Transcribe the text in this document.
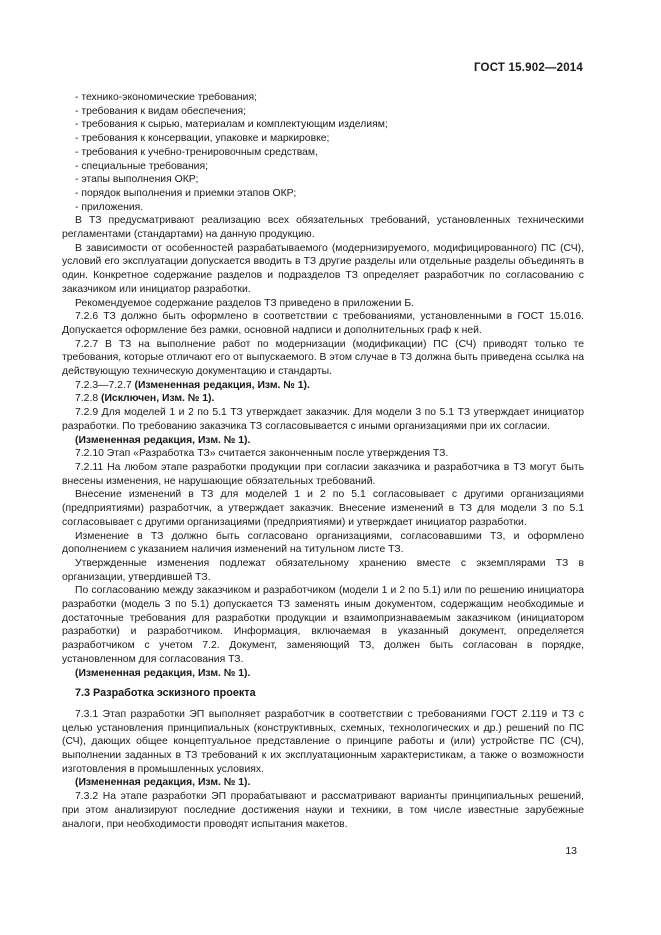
ГОСТ 15.902—2014
- технико-экономические требования;
- требования к видам обеспечения;
- требования к сырью, материалам и комплектующим изделиям;
- требования к консервации, упаковке и маркировке;
- требования к учебно-тренировочным средствам,
- специальные требования;
- этапы выполнения ОКР;
- порядок выполнения и приемки этапов ОКР;
- приложения.

В ТЗ предусматривают реализацию всех обязательных требований, установленных техническими регламентами (стандартами) на данную продукцию.

В зависимости от особенностей разрабатываемого (модернизируемого, модифицированного) ПС (СЧ), условий его эксплуатации допускается вводить в ТЗ другие разделы или отдельные разделы объединять в один. Конкретное содержание разделов и подразделов ТЗ определяет разработчик по согласованию с заказчиком или инициатор разработки.

Рекомендуемое содержание разделов ТЗ приведено в приложении Б.

7.2.6 ТЗ должно быть оформлено в соответствии с требованиями, установленными в ГОСТ 15.016. Допускается оформление без рамки, основной надписи и дополнительных граф к ней.

7.2.7 В ТЗ на выполнение работ по модернизации (модификации) ПС (СЧ) приводят только те требования, которые отличают его от выпускаемого. В этом случае в ТЗ должна быть приведена ссылка на действующую техническую документацию и стандарты.

7.2.3—7.2.7 (Измененная редакция, Изм. № 1).

7.2.8 (Исключен, Изм. № 1).

7.2.9 Для моделей 1 и 2 по 5.1 ТЗ утверждает заказчик. Для модели 3 по 5.1 ТЗ утверждает инициатор разработки. По требованию заказчика ТЗ согласовывается с иными организациями при их согласии.

(Измененная редакция, Изм. № 1).

7.2.10 Этап «Разработка ТЗ» считается законченным после утверждения ТЗ.

7.2.11 На любом этапе разработки продукции при согласии заказчика и разработчика в ТЗ могут быть внесены изменения, не нарушающие обязательных требований.

Внесение изменений в ТЗ для моделей 1 и 2 по 5.1 согласовывает с другими организациями (предприятиями) разработчик, а утверждает заказчик. Внесение изменений в ТЗ для модели 3 по 5.1 согласовывает с другими организациями (предприятиями) и утверждает инициатор разработки.

Изменение в ТЗ должно быть согласовано организациями, согласовавшими ТЗ, и оформлено дополнением с указанием наличия изменений на титульном листе ТЗ.

Утвержденные изменения подлежат обязательному хранению вместе с экземплярами ТЗ в организации, утвердившей ТЗ.

По согласованию между заказчиком и разработчиком (модели 1 и 2 по 5.1) или по решению инициатора разработки (модель 3 по 5.1) допускается ТЗ заменять иным документом, содержащим необходимые и достаточные требования для разработки продукции и взаимопризнаваемым заказчиком (инициатором разработки) и разработчиком. Информация, включаемая в указанный документ, определяется разработчиком с учетом 7.2. Документ, заменяющий ТЗ, должен быть согласован в порядке, установленном для согласования ТЗ.

(Измененная редакция, Изм. № 1).

7.3 Разработка эскизного проекта

7.3.1 Этап разработки ЭП выполняет разработчик в соответствии с требованиями ГОСТ 2.119 и ТЗ с целью установления принципиальных (конструктивных, схемных, технологических и др.) решений по ПС (СЧ), дающих общее концептуальное представление о принципе работы и (или) устройстве ПС (СЧ), выполнении заданных в ТЗ требований к их эксплуатационным характеристикам, а также о возможности изготовления в промышленных условиях.

(Измененная редакция, Изм. № 1).

7.3.2 На этапе разработки ЭП прорабатывают и рассматривают варианты принципиальных решений, при этом анализируют последние достижения науки и техники, в том числе известные зарубежные аналоги, при необходимости проводят испытания макетов.

13
